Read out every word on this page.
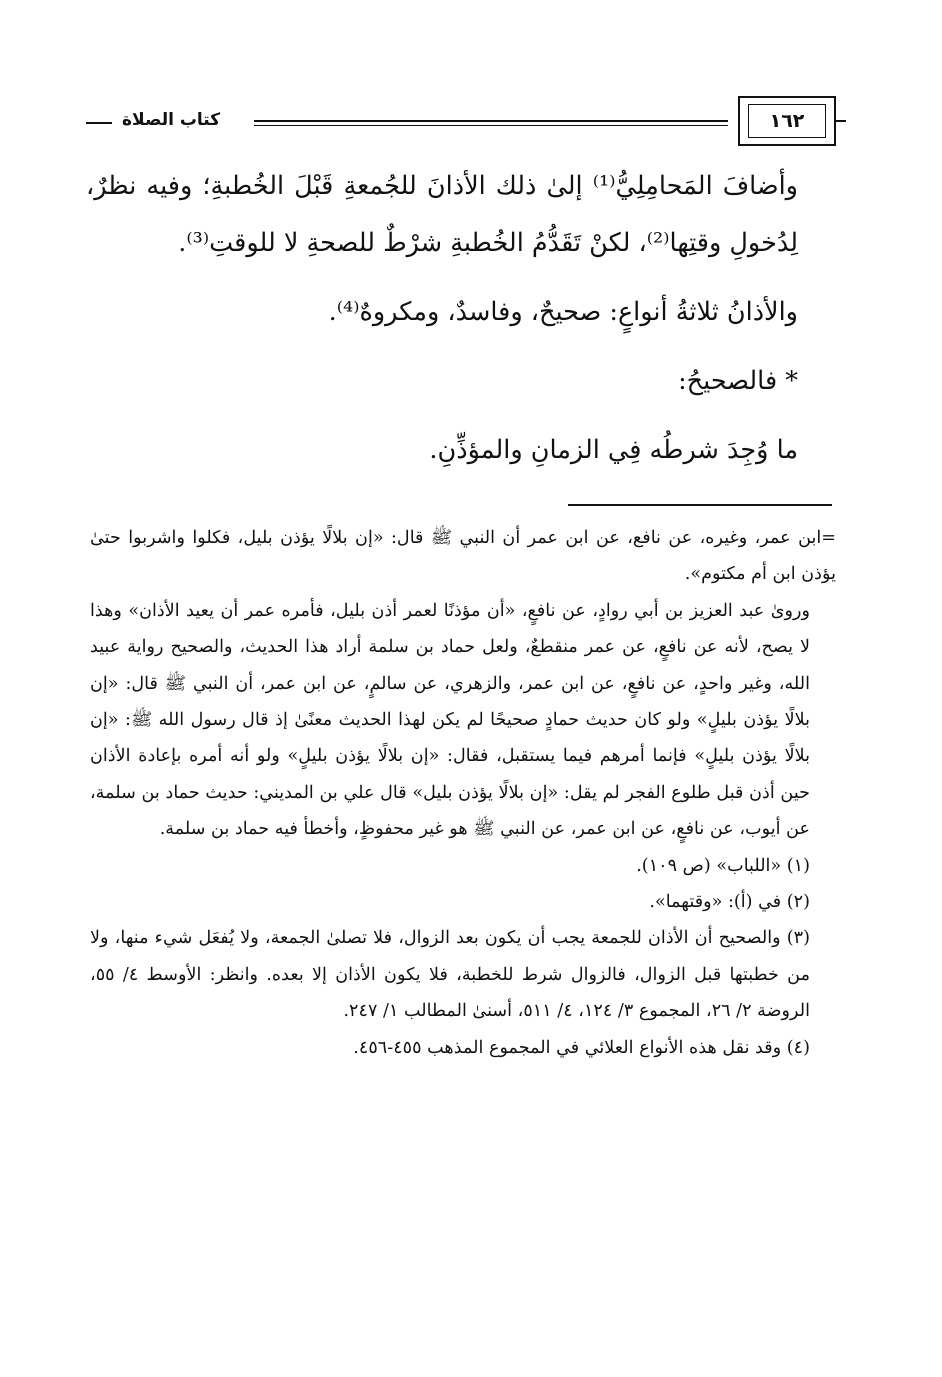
كتاب الصلاة	١٦٢

وأضافَ المَحامِلِيُّ⁽¹⁾ إلىٰ ذلك الأذانَ للجُمعةِ قَبْلَ الخُطبةِ؛ وفيه نظرٌ، لِدُخولِ وقتِها⁽²⁾، لكنْ تَقَدُّمُ الخُطبةِ شرْطٌ للصحةِ لا للوقتِ⁽³⁾.

والأذانُ ثلاثةُ أنواعٍ: صحيحٌ، وفاسدٌ، ومكروهٌ⁽⁴⁾.

* فالصحيحُ:

ما وُجِدَ شرطُه فِي الزمانِ والمؤذِّنِ.

=ابن عمر، وغيره، عن نافع، عن ابن عمر أن النبي ﷺ قال: «إن بلالًا يؤذن بليل، فكلوا واشربوا حتىٰ يؤذن ابن أم مكتوم».

ورویٰ عبد العزيز بن أبي روادٍ، عن نافعٍ، «أن مؤذنًا لعمر أذن بليل، فأمره عمر أن يعيد الأذان» وهذا لا يصح، لأنه عن نافعٍ، عن عمر منقطعٌ، ولعل حماد بن سلمة أراد هذا الحديث، والصحيح رواية عبيد الله، وغير واحدٍ، عن نافعٍ، عن ابن عمر، والزهري، عن سالمٍ، عن ابن عمر، أن النبي ﷺ قال: «إن بلالًا يؤذن بليلٍ» ولو كان حديث حمادٍ صحيحًا لم يكن لهذا الحديث معنًىٰ إذ قال رسول الله ﷺ: «إن بلالًا يؤذن بليلٍ» فإنما أمرهم فيما يستقبل، فقال: «إن بلالًا يؤذن بليلٍ» ولو أنه أمره بإعادة الأذان حين أذن قبل طلوع الفجر لم يقل: «إن بلالًا يؤذن بليل» قال علي بن المديني: حديث حماد بن سلمة، عن أيوب، عن نافعٍ، عن ابن عمر، عن النبي ﷺ هو غير محفوظٍ، وأخطأ فيه حماد بن سلمة.

(١) «اللباب» (ص ١٠٩).

(٢) في (أ): «وقتهما».

(٣) والصحيح أن الأذان للجمعة يجب أن يكون بعد الزوال، فلا تصلىٰ الجمعة، ولا يُفعَل شيء منها، ولا من خطبتها قبل الزوال، فالزوال شرط للخطبة، فلا يكون الأذان إلا بعده. وانظر: الأوسط ٤/ ٥٥، الروضة ٢/ ٢٦، المجموع ٣/ ١٢٤، ٤/ ٥١١، أسنىٰ المطالب ١/ ٢٤٧.

(٤) وقد نقل هذه الأنواع العلائي في المجموع المذهب ٤٥٥-٤٥٦.
